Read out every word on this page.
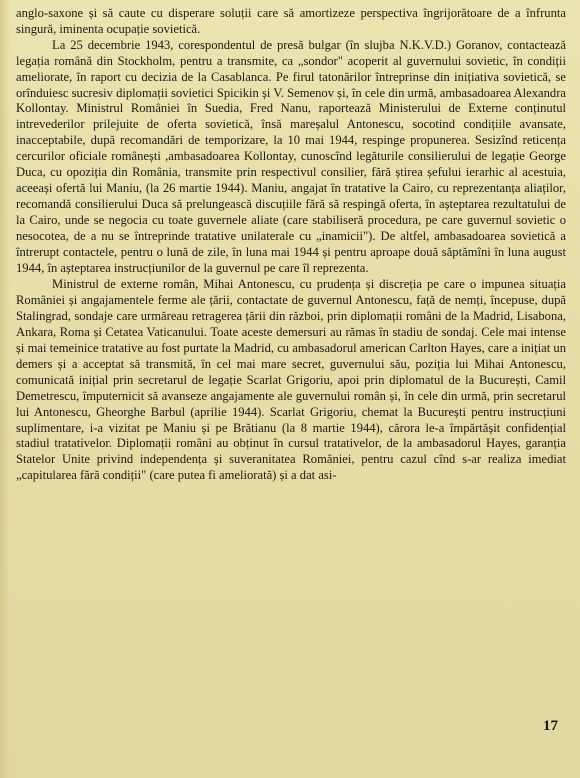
anglo-saxone și să caute cu disperare soluții care să amortizeze perspectiva îngrijorătoare de a înfrunta singură, iminenta ocupație sovietică.

La 25 decembrie 1943, corespondentul de presă bulgar (în slujba N.K.V.D.) Goranov, contactează legația română din Stockholm, pentru a transmite, ca „sondor" acoperit al guvernului sovietic, în condiții ameliorate, în raport cu decizia de la Casablanca. Pe firul tatonărilor întreprinse din inițiativa sovietică, se orînduiesc sucresiv diplomații sovietici Spicikin și V. Semenov și, în cele din urmă, ambasadoarea Alexandra Kollontay. Ministrul României în Suedia, Fred Nanu, raportează Ministerului de Externe conținutul intrevederilor prilejuite de oferta sovietică, însă mareșalul Antonescu, socotind condițiile avansate, inacceptabile, după recomandări de temporizare, la 10 mai 1944, respinge propunerea. Sesizînd reticența cercurilor oficiale românești ,ambasadoarea Kollontay, cunoscînd legăturile consilierului de legație George Duca, cu opoziția din România, transmite prin respectivul consilier, fără știrea șefului ierarhic al acestuia, aceeași ofertă lui Maniu, (la 26 martie 1944). Maniu, angajat în tratative la Cairo, cu reprezentanța aliaților, recomandă consilierului Duca să prelungească discuțiile fără să respingă oferta, în așteptarea rezultatului de la Cairo, unde se negocia cu toate guvernele aliate (care stabiliseră procedura, pe care guvernul sovietic o nesocotea, de a nu se întreprinde tratative unilaterale cu „inamicii"). De altfel, ambasadoarea sovietică a întrerupt contactele, pentru o lună de zile, în luna mai 1944 și pentru aproape două săptămîni în luna august 1944, în așteptarea instrucțiunilor de la guvernul pe care îl reprezenta.

Ministrul de externe român, Mihai Antonescu, cu prudența și discreția pe care o impunea situația României și angajamentele ferme ale țării, contactate de guvernul Antonescu, față de nemți, începuse, după Stalingrad, sondaje care urmăreau retragerea țării din război, prin diplomații români de la Madrid, Lisabona, Ankara, Roma și Cetatea Vaticanului. Toate aceste demersuri au rămas în stadiu de sondaj. Cele mai intense și mai temeinice tratative au fost purtate la Madrid, cu ambasadorul american Carlton Hayes, care a inițiat un demers și a acceptat să transmită, în cel mai mare secret, guvernului său, poziția lui Mihai Antonescu, comunicată inițial prin secretarul de legație Scarlat Grigoriu, apoi prin diplomatul de la București, Camil Demetrescu, împuternicit să avanseze angajamente ale guvernului român și, în cele din urmă, prin secretarul lui Antonescu, Gheorghe Barbul (aprilie 1944). Scarlat Grigoriu, chemat la București pentru instrucțiuni suplimentare, i-a vizitat pe Maniu și pe Brătianu (la 8 martie 1944), cărora le-a împărtășit confidențial stadiul tratativelor. Diplomații români au obținut în cursul tratativelor, de la ambasadorul Hayes, garanția Statelor Unite privind independența și suveranitatea României, pentru cazul cînd s-ar realiza imediat „capitularea fără condiții" (care putea fi ameliorată) și a dat asi-

17
